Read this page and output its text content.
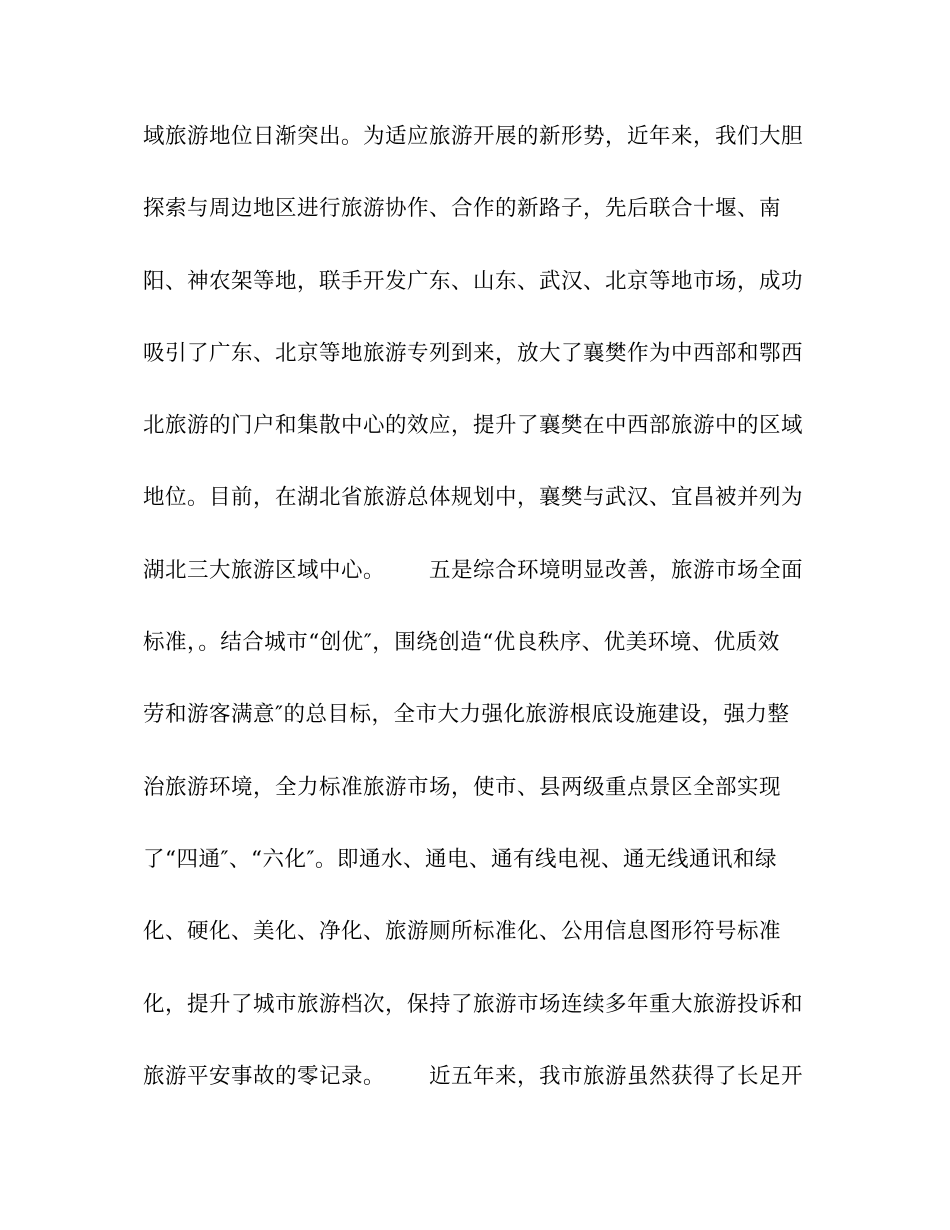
域旅游地位日渐突出。为适应旅游开展的新形势，近年来，我们大胆
探索与周边地区进行旅游协作、合作的新路子，先后联合十堰、南
阳、神农架等地，联手开发广东、山东、武汉、北京等地市场，成功
吸引了广东、北京等地旅游专列到来，放大了襄樊作为中西部和鄂西
北旅游的门户和集散中心的效应，提升了襄樊在中西部旅游中的区域
地位。目前，在湖北省旅游总体规划中，襄樊与武汉、宜昌被并列为
湖北三大旅游区域中心。      五是综合环境明显改善，旅游市场全面
标准，。结合城市“创优″，围绕创造“优良秩序、优美环境、优质效
劳和游客满意″的总目标，全市大力强化旅游根底设施建设，强力整
治旅游环境，全力标准旅游市场，使市、县两级重点景区全部实现
了“四通″、“六化″。即通水、通电、通有线电视、通无线通讯和绿
化、硬化、美化、净化、旅游厕所标准化、公用信息图形符号标准
化，提升了城市旅游档次，保持了旅游市场连续多年重大旅游投诉和
旅游平安事故的零记录。      近五年来，我市旅游虽然获得了长足开
